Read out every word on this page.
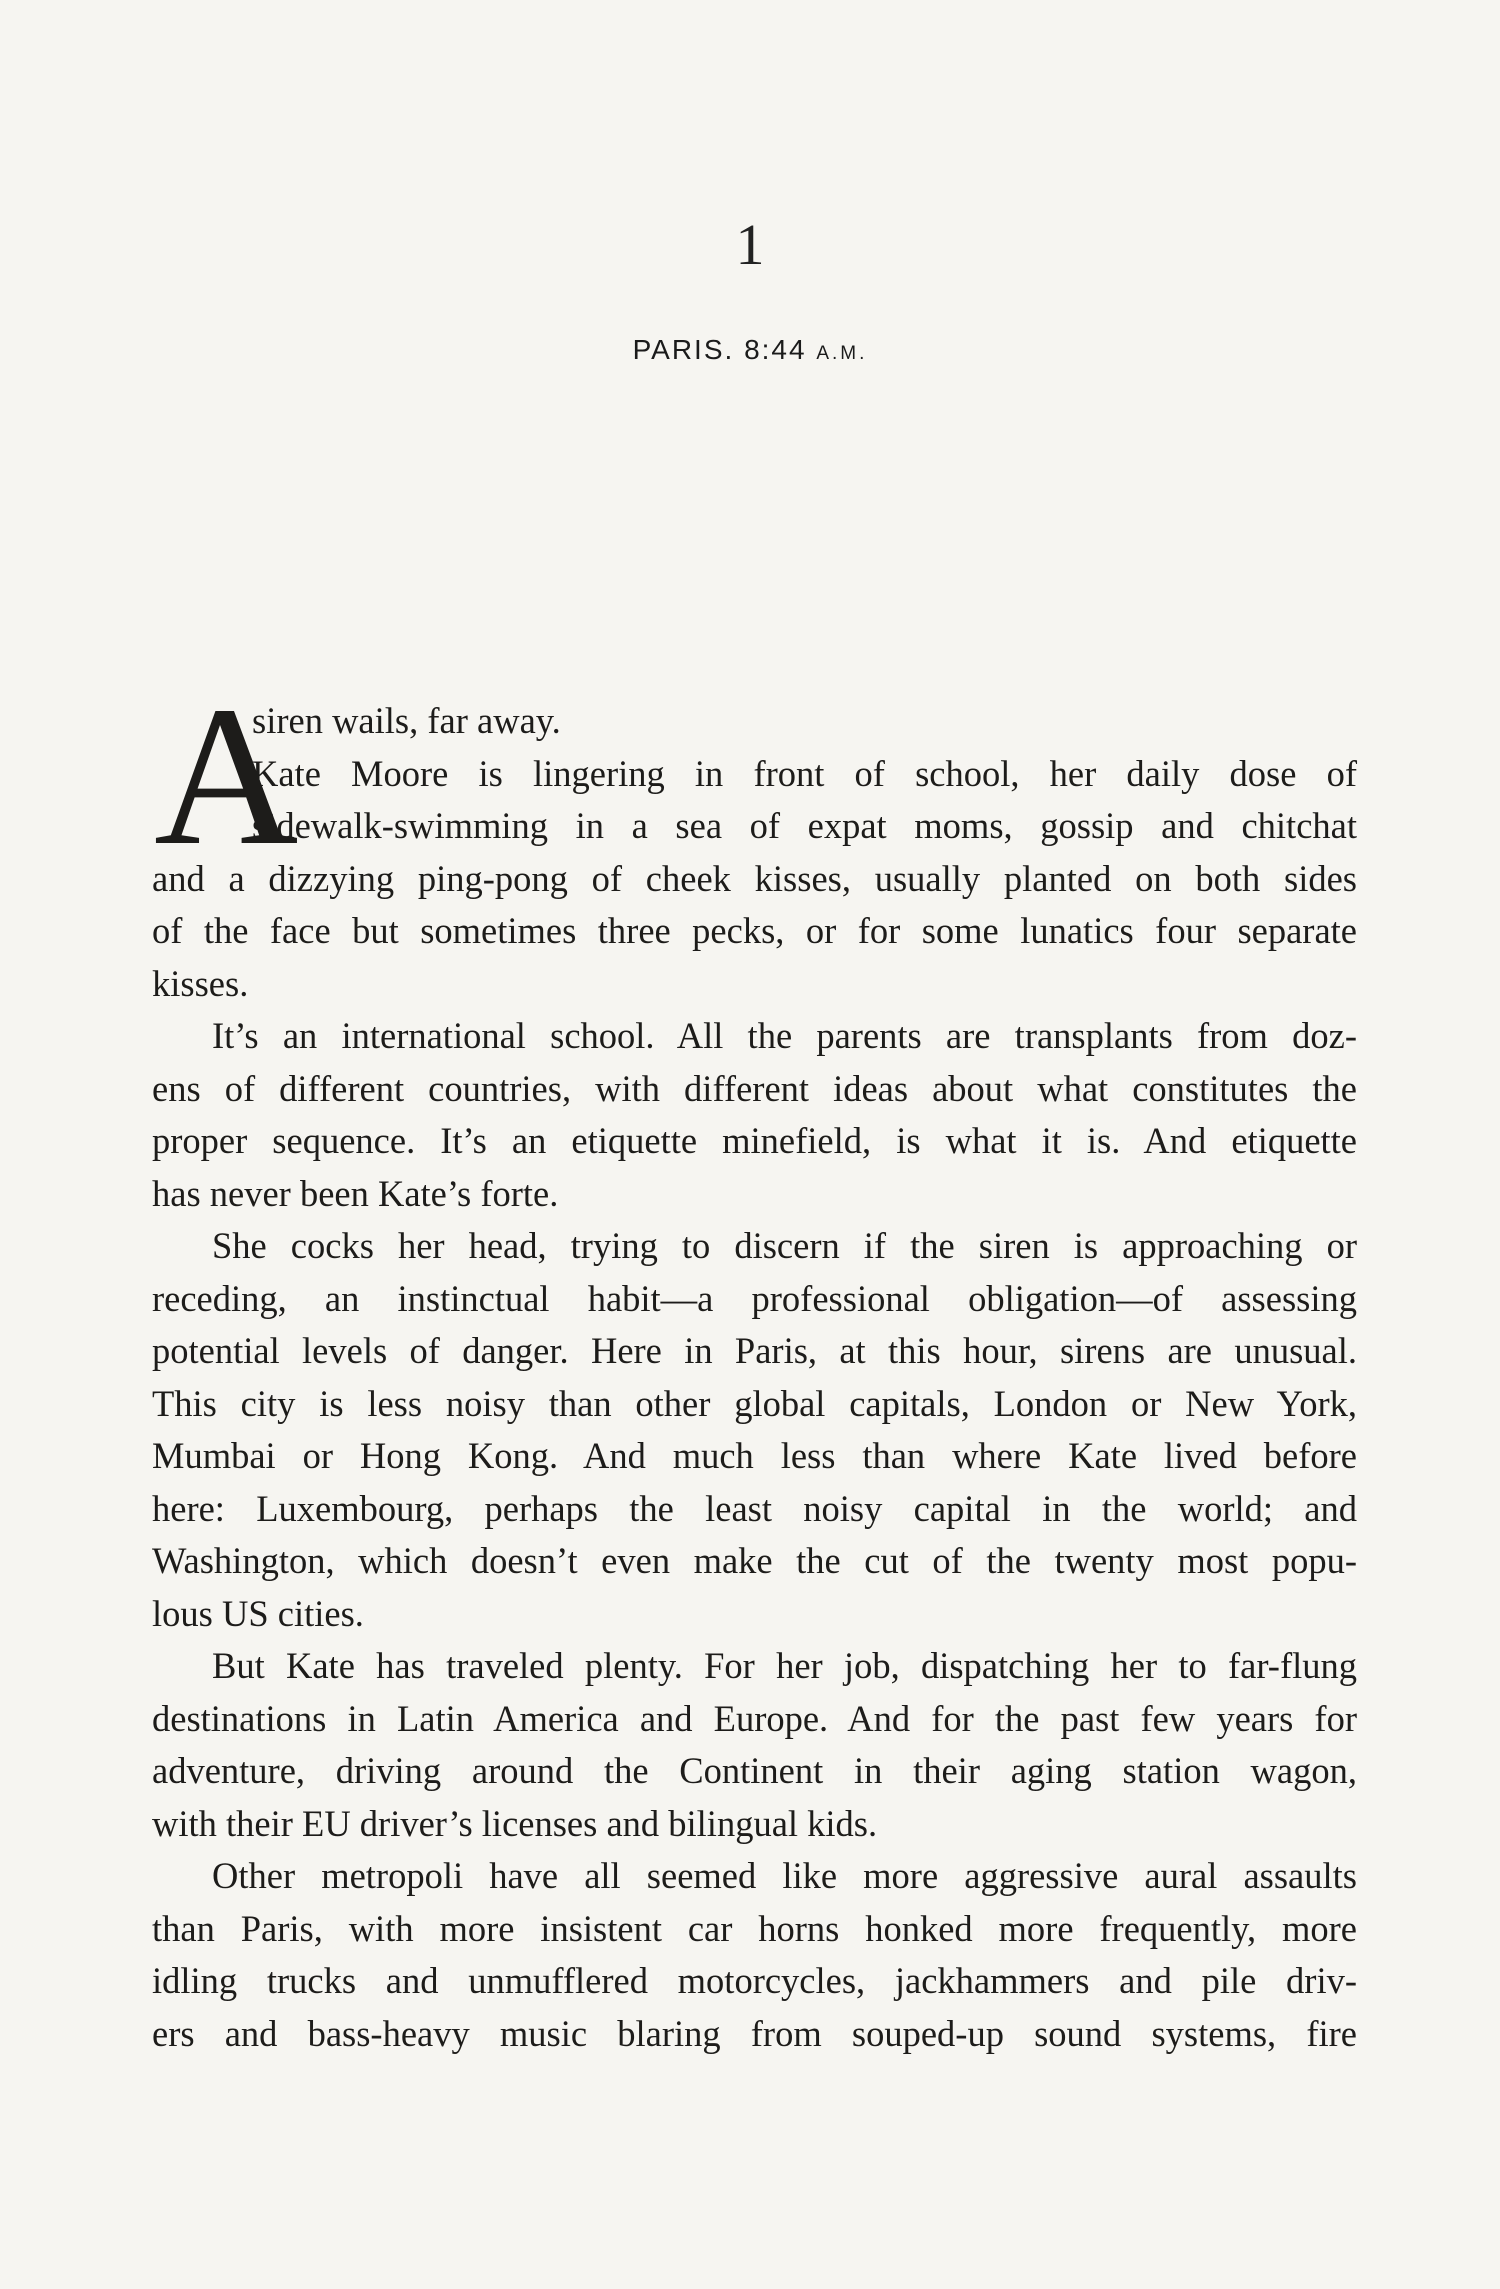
1
PARIS. 8:44 A.M.
A
siren wails, far away.
Kate Moore is lingering in front of school, her daily dose of
sidewalk-swimming in a sea of expat moms, gossip and chitchat
and a dizzying ping-pong of cheek kisses, usually planted on both sides
of the face but sometimes three pecks, or for some lunatics four separate
kisses.
It’s an international school. All the parents are transplants from doz-
ens of different countries, with different ideas about what constitutes the
proper sequence. It’s an etiquette minefield, is what it is. And etiquette
has never been Kate’s forte.
She cocks her head, trying to discern if the siren is approaching or
receding, an instinctual habit—a professional obligation—of assessing
potential levels of danger. Here in Paris, at this hour, sirens are unusual.
This city is less noisy than other global capitals, London or New York,
Mumbai or Hong Kong. And much less than where Kate lived before
here: Luxembourg, perhaps the least noisy capital in the world; and
Washington, which doesn’t even make the cut of the twenty most popu-
lous US cities.
But Kate has traveled plenty. For her job, dispatching her to far-flung
destinations in Latin America and Europe. And for the past few years for
adventure, driving around the Continent in their aging station wagon,
with their EU driver’s licenses and bilingual kids.
Other metropoli have all seemed like more aggressive aural assaults
than Paris, with more insistent car horns honked more frequently, more
idling trucks and unmufflered motorcycles, jackhammers and pile driv-
ers and bass-heavy music blaring from souped-up sound systems, fire
